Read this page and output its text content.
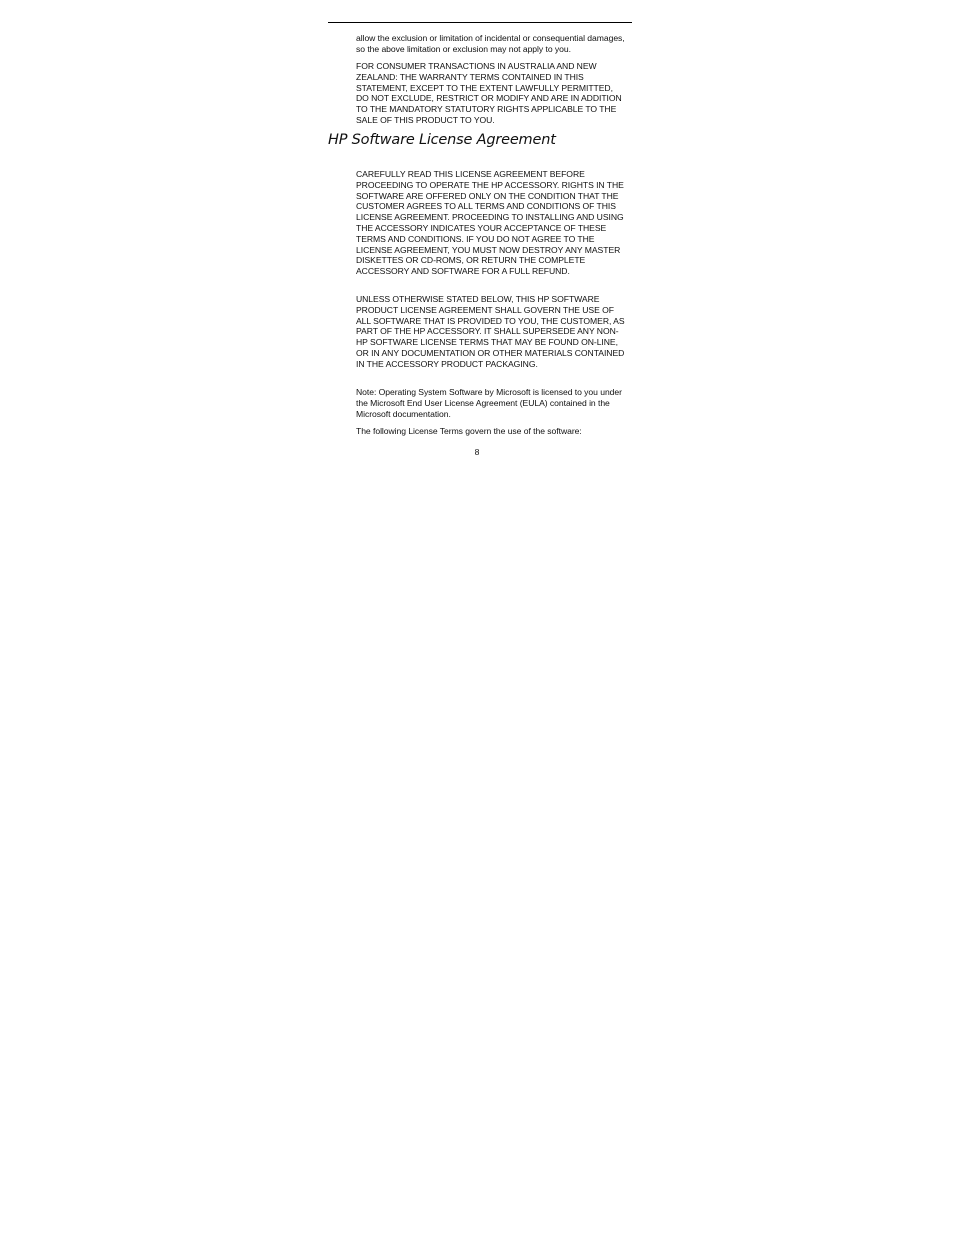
allow the exclusion or limitation of incidental or consequential damages, so the above limitation or exclusion may not apply to you.

FOR CONSUMER TRANSACTIONS IN AUSTRALIA AND NEW ZEALAND: THE WARRANTY TERMS CONTAINED IN THIS STATEMENT, EXCEPT TO THE EXTENT LAWFULLY PERMITTED, DO NOT EXCLUDE, RESTRICT OR MODIFY AND ARE IN ADDITION TO THE MANDATORY STATUTORY RIGHTS APPLICABLE TO THE SALE OF THIS PRODUCT TO YOU.

HP Software License Agreement

CAREFULLY READ THIS LICENSE AGREEMENT BEFORE PROCEEDING TO OPERATE THE HP ACCESSORY. RIGHTS IN THE SOFTWARE ARE OFFERED ONLY ON THE CONDITION THAT THE CUSTOMER AGREES TO ALL TERMS AND CONDITIONS OF THIS LICENSE AGREEMENT. PROCEEDING TO INSTALLING AND USING THE ACCESSORY INDICATES YOUR ACCEPTANCE OF THESE TERMS AND CONDITIONS. IF YOU DO NOT AGREE TO THE LICENSE AGREEMENT, YOU MUST NOW DESTROY ANY MASTER DISKETTES OR CD-ROMS, OR RETURN THE COMPLETE ACCESSORY AND SOFTWARE FOR A FULL REFUND.

UNLESS OTHERWISE STATED BELOW, THIS HP SOFTWARE PRODUCT LICENSE AGREEMENT SHALL GOVERN THE USE OF ALL SOFTWARE THAT IS PROVIDED TO YOU, THE CUSTOMER, AS PART OF THE HP ACCESSORY. IT SHALL SUPERSEDE ANY NON-HP SOFTWARE LICENSE TERMS THAT MAY BE FOUND ON-LINE, OR IN ANY DOCUMENTATION OR OTHER MATERIALS CONTAINED IN THE ACCESSORY PRODUCT PACKAGING.

Note: Operating System Software by Microsoft is licensed to you under the Microsoft End User License Agreement (EULA) contained in the Microsoft documentation.

The following License Terms govern the use of the software:

8
